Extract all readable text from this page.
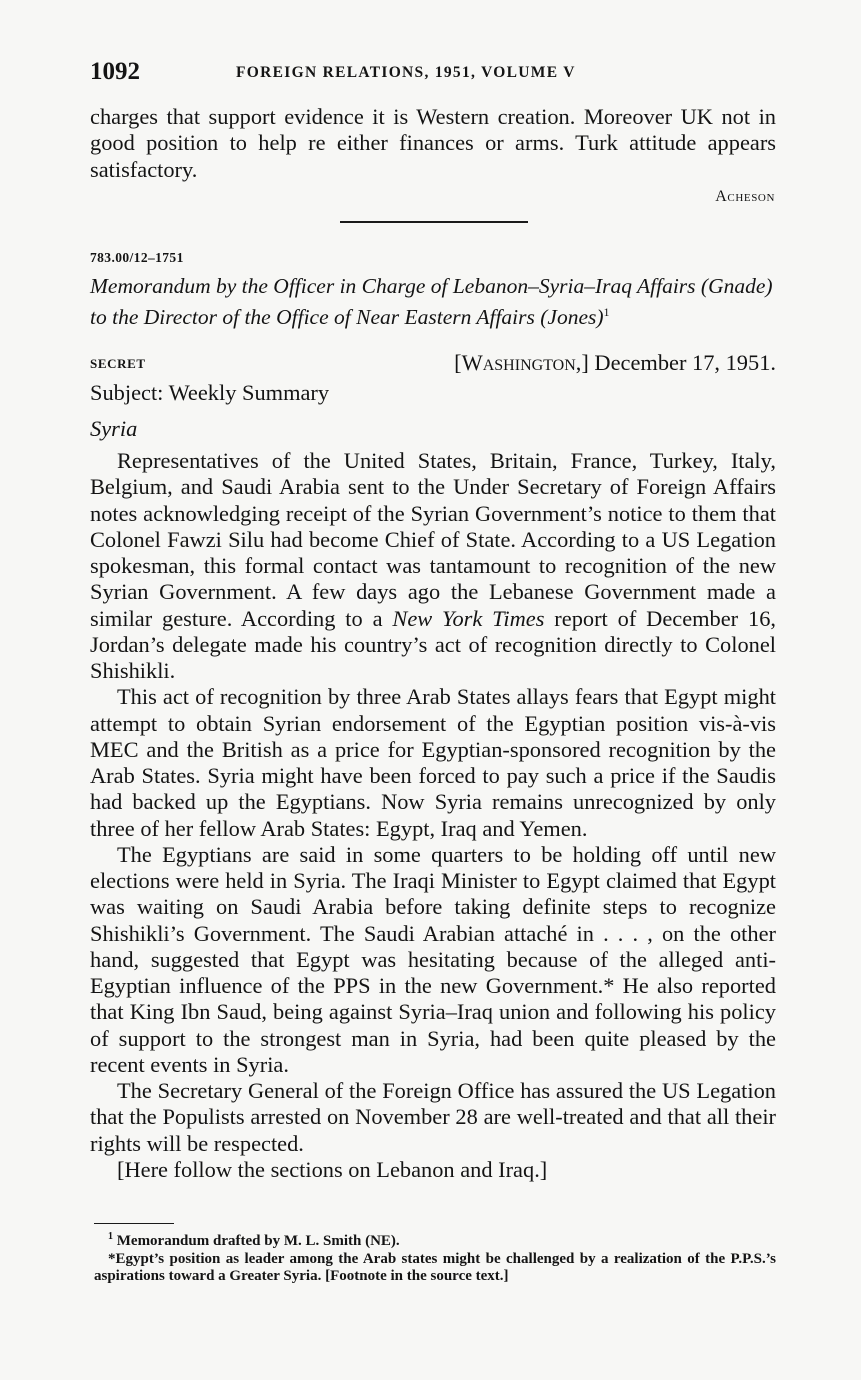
1092	FOREIGN RELATIONS, 1951, VOLUME V
charges that support evidence it is Western creation. Moreover UK not in good position to help re either finances or arms. Turk attitude appears satisfactory.
Acheson
783.00/12–1751
Memorandum by the Officer in Charge of Lebanon–Syria–Iraq Affairs (Gnade) to the Director of the Office of Near Eastern Affairs (Jones)$^1$
SECRET	[Washington,] December 17, 1951.
Subject: Weekly Summary
Syria

Representatives of the United States, Britain, France, Turkey, Italy, Belgium, and Saudi Arabia sent to the Under Secretary of Foreign Affairs notes acknowledging receipt of the Syrian Government’s notice to them that Colonel Fawzi Silu had become Chief of State. According to a US Legation spokesman, this formal contact was tantamount to recognition of the new Syrian Government. A few days ago the Lebanese Government made a similar gesture. According to a New York Times report of December 16, Jordan’s delegate made his country’s act of recognition directly to Colonel Shishikli.

This act of recognition by three Arab States allays fears that Egypt might attempt to obtain Syrian endorsement of the Egyptian position vis-à-vis MEC and the British as a price for Egyptian-sponsored recognition by the Arab States. Syria might have been forced to pay such a price if the Saudis had backed up the Egyptians. Now Syria remains unrecognized by only three of her fellow Arab States: Egypt, Iraq and Yemen.

The Egyptians are said in some quarters to be holding off until new elections were held in Syria. The Iraqi Minister to Egypt claimed that Egypt was waiting on Saudi Arabia before taking definite steps to recognize Shishikli’s Government. The Saudi Arabian attaché in . . . , on the other hand, suggested that Egypt was hesitating because of the alleged anti-Egyptian influence of the PPS in the new Government.* He also reported that King Ibn Saud, being against Syria–Iraq union and following his policy of support to the strongest man in Syria, had been quite pleased by the recent events in Syria.

The Secretary General of the Foreign Office has assured the US Legation that the Populists arrested on November 28 are well-treated and that all their rights will be respected.

[Here follow the sections on Lebanon and Iraq.]

$^1$ Memorandum drafted by M. L. Smith (NE).

*Egypt’s position as leader among the Arab states might be challenged by a realization of the P.P.S.’s aspirations toward a Greater Syria. [Footnote in the source text.]
